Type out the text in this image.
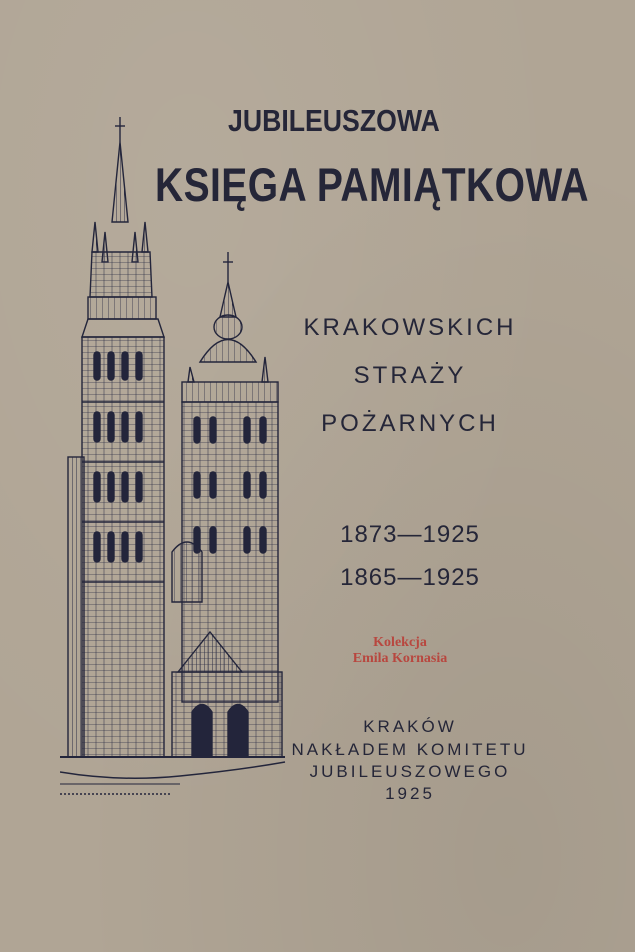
JUBILEUSZOWA
KSIĘGA PAMIĄTKOWA
KRAKOWSKICH
STRAŻY
POŻARNYCH
1873—1925
1865—1925
Kolekcja
Emila Kornasia
KRAKÓW
NAKŁADEM KOMITETU
JUBILEUSZOWEGO
1925
